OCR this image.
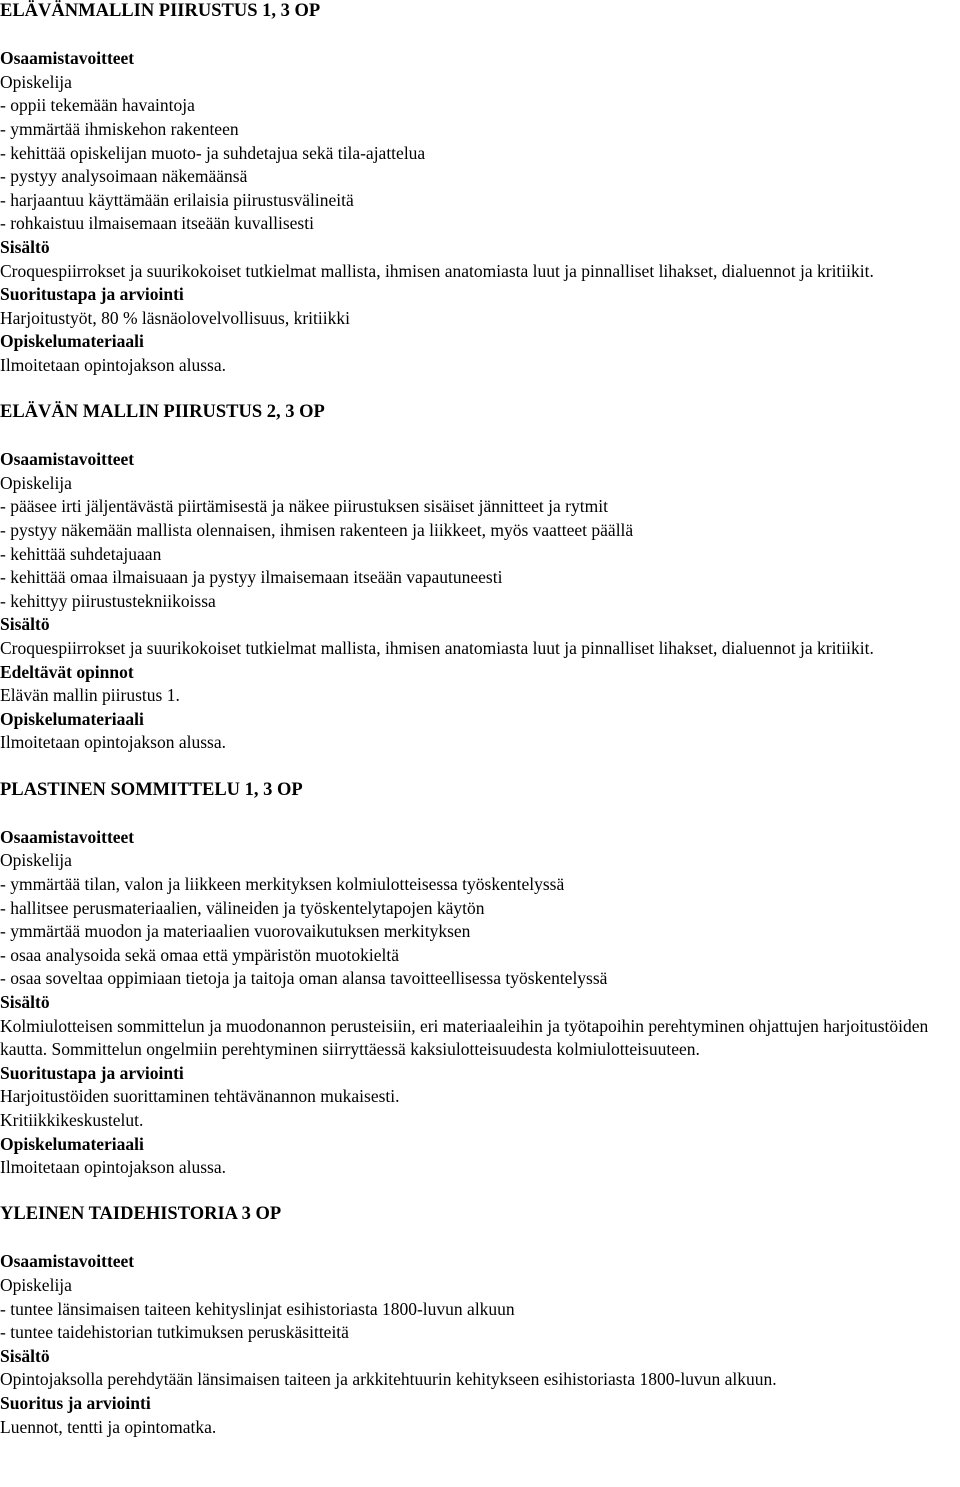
ELÄVÄNMALLIN PIIRUSTUS 1, 3 OP

Osaamistavoitteet

Opiskelija

- oppii tekemään havaintoja

- ymmärtää ihmiskehon rakenteen

- kehittää opiskelijan muoto- ja suhdetajua sekä tila-ajattelua

- pystyy analysoimaan näkemäänsä

- harjaantuu käyttämään erilaisia piirustusvälineitä

- rohkaistuu ilmaisemaan itseään kuvallisesti

Sisältö

Croquespiirrokset ja suurikokoiset tutkielmat mallista, ihmisen anatomiasta luut ja pinnalliset lihakset, dialuennot ja kritiikit.

Suoritustapa ja arviointi

Harjoitustyöt, 80 % läsnäolovelvollisuus, kritiikki

Opiskelumateriaali

Ilmoitetaan opintojakson alussa.

ELÄVÄN MALLIN PIIRUSTUS 2, 3 OP

Osaamistavoitteet

Opiskelija

- pääsee irti jäljentävästä piirtämisestä ja näkee piirustuksen sisäiset jännitteet ja rytmit

- pystyy näkemään mallista olennaisen, ihmisen rakenteen ja liikkeet, myös vaatteet päällä

- kehittää suhdetajuaan

- kehittää omaa ilmaisuaan ja pystyy ilmaisemaan itseään vapautuneesti

- kehittyy piirustustekniikoissa

Sisältö

Croquespiirrokset ja suurikokoiset tutkielmat mallista, ihmisen anatomiasta luut ja pinnalliset lihakset, dialuennot ja kritiikit.

Edeltävät opinnot

Elävän mallin piirustus 1.

Opiskelumateriaali

Ilmoitetaan opintojakson alussa.

PLASTINEN SOMMITTELU 1, 3 OP

Osaamistavoitteet

Opiskelija

- ymmärtää tilan, valon ja liikkeen merkityksen kolmiulotteisessa työskentelyssä

- hallitsee perusmateriaalien, välineiden ja työskentelytapojen käytön

- ymmärtää muodon ja materiaalien vuorovaikutuksen merkityksen

- osaa analysoida sekä omaa että ympäristön muotokieltä

- osaa soveltaa oppimiaan tietoja ja taitoja oman alansa tavoitteellisessa työskentelyssä

Sisältö

Kolmiulotteisen sommittelun ja muodonannon perusteisiin, eri materiaaleihin ja työtapoihin perehtyminen ohjattujen harjoitustöiden kautta. Sommittelun ongelmiin perehtyminen siirryttäessä kaksiulotteisuudesta kolmiulotteisuuteen.

Suoritustapa ja arviointi

Harjoitustöiden suorittaminen tehtävänannon mukaisesti.

Kritiikkikeskustelut.

Opiskelumateriaali

Ilmoitetaan opintojakson alussa.

YLEINEN TAIDEHISTORIA 3 OP

Osaamistavoitteet

Opiskelija

- tuntee länsimaisen taiteen kehityslinjat esihistoriasta 1800-luvun alkuun

- tuntee taidehistorian tutkimuksen peruskäsitteitä

Sisältö

Opintojaksolla perehdytään länsimaisen taiteen ja arkkitehtuurin kehitykseen esihistoriasta 1800-luvun alkuun.

Suoritus ja arviointi

Luennot, tentti ja opintomatka.
